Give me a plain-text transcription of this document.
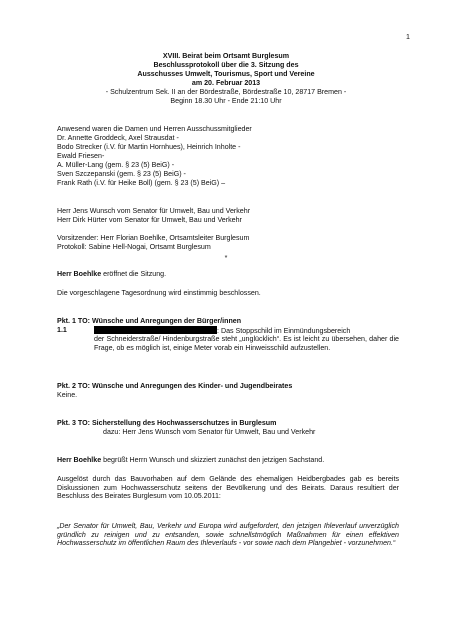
1
XVIII. Beirat beim Ortsamt Burglesum
Beschlussprotokoll über die 3. Sitzung des
Ausschusses Umwelt, Tourismus, Sport und Vereine
am 20. Februar 2013
- Schulzentrum Sek. II an der Bördestraße, Bördestraße 10, 28717 Bremen -
Beginn 18.30 Uhr - Ende 21:10 Uhr
Anwesend waren die Damen und Herren Ausschussmitglieder
Dr. Annette Groddeck, Axel Strausdat -
Bodo Strecker (i.V. für Martin Hornhues), Heinrich Inholte -
Ewald Friesen-
A. Müller-Lang (gem. § 23 (5) BeiG) -
Sven Szczepanski (gem. § 23 (5) BeiG) -
Frank Rath (i.V. für Heike Boll) (gem. § 23 (5) BeiG) –
Herr Jens Wunsch vom Senator für Umwelt, Bau und Verkehr
Herr Dirk Hürter vom Senator für Umwelt, Bau und Verkehr
Vorsitzender: Herr Florian Boehlke, Ortsamtsleiter Burglesum
Protokoll: Sabine Hell-Nogai, Ortsamt Burglesum
*
Herr Boehlke eröffnet die Sitzung.
Die vorgeschlagene Tagesordnung wird einstimmig beschlossen.
Pkt. 1 TO: Wünsche und Anregungen der Bürger/innen
1.1	: Das Stoppschild im Einmündungsbereich
der Schneiderstraße/ Hindenburgstraße steht „unglücklich“. Es ist leicht zu übersehen, daher die Frage, ob es möglich ist, einige Meter vorab ein Hinweisschild aufzustellen.
Pkt. 2 TO: Wünsche und Anregungen des Kinder- und Jugendbeirates
Keine.
Pkt. 3 TO: Sicherstellung des Hochwasserschutzes in Burglesum
dazu: Herr Jens Wunsch vom Senator für Umwelt, Bau und Verkehr
Herr Boehlke begrüßt Herrn Wunsch und skizziert zunächst den jetzigen Sachstand.
Ausgelöst durch das Bauvorhaben auf dem Gelände des ehemaligen Heidbergbades gab es bereits Diskussionen zum Hochwasserschutz seitens der Bevölkerung und des Beirats. Daraus resultiert der Beschluss des Beirates Burglesum vom 10.05.2011:
„Der Senator für Umwelt, Bau, Verkehr und Europa wird aufgefordert, den jetzigen Ihleverlauf unverzüglich gründlich zu reinigen und zu entsanden, sowie schnellstmöglich Maßnahmen für einen effektiven Hochwasserschutz im öffentlichen Raum des Ihleverlaufs - vor sowie nach dem Plangebiet - vorzunehmen.“
